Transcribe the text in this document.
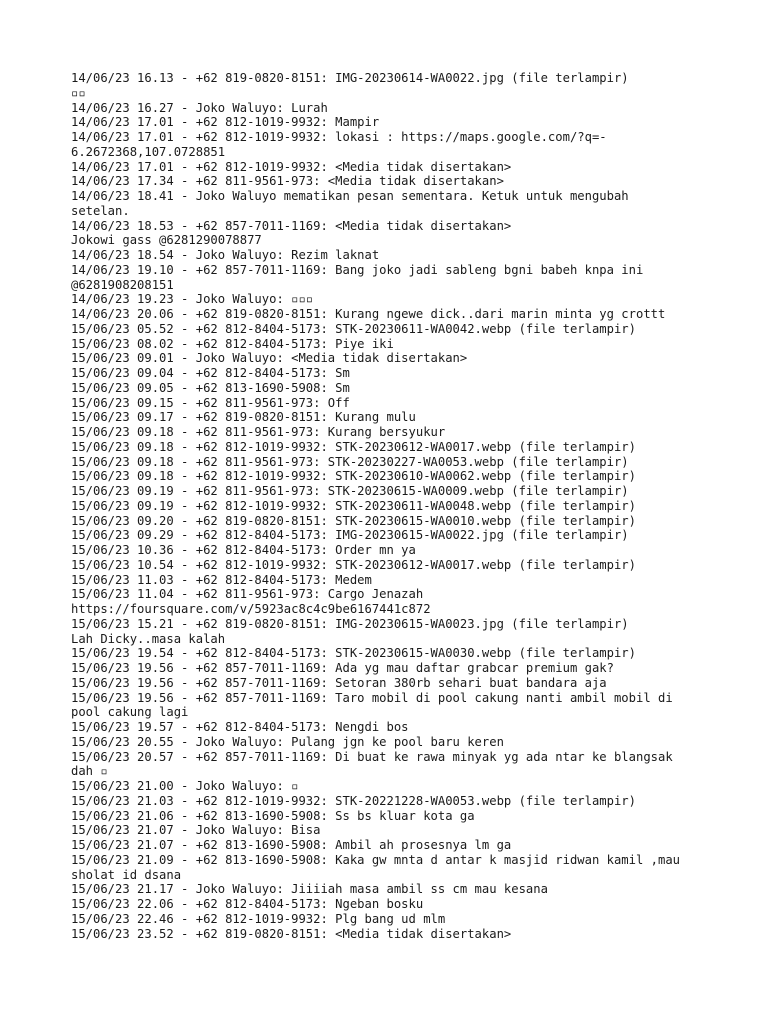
14/06/23 16.13 - +62 819-0820-8151: IMG-20230614-WA0022.jpg (file terlampir)
▫▫
14/06/23 16.27 - Joko Waluyo: Lurah
14/06/23 17.01 - +62 812-1019-9932: Mampir
14/06/23 17.01 - +62 812-1019-9932: lokasi : https://maps.google.com/?q=-
6.2672368,107.0728851
14/06/23 17.01 - +62 812-1019-9932: <Media tidak disertakan>
14/06/23 17.34 - +62 811-9561-973: <Media tidak disertakan>
14/06/23 18.41 - Joko Waluyo mematikan pesan sementara. Ketuk untuk mengubah
setelan.
14/06/23 18.53 - +62 857-7011-1169: <Media tidak disertakan>
Jokowi gass @6281290078877
14/06/23 18.54 - Joko Waluyo: Rezim laknat
14/06/23 19.10 - +62 857-7011-1169: Bang joko jadi sableng bgni babeh knpa ini
@6281908208151
14/06/23 19.23 - Joko Waluyo: ▫▫▫
14/06/23 20.06 - +62 819-0820-8151: Kurang ngewe dick..dari marin minta yg crottt
15/06/23 05.52 - +62 812-8404-5173: STK-20230611-WA0042.webp (file terlampir)
15/06/23 08.02 - +62 812-8404-5173: Piye iki
15/06/23 09.01 - Joko Waluyo: <Media tidak disertakan>
15/06/23 09.04 - +62 812-8404-5173: Sm
15/06/23 09.05 - +62 813-1690-5908: Sm
15/06/23 09.15 - +62 811-9561-973: Off
15/06/23 09.17 - +62 819-0820-8151: Kurang mulu
15/06/23 09.18 - +62 811-9561-973: Kurang bersyukur
15/06/23 09.18 - +62 812-1019-9932: STK-20230612-WA0017.webp (file terlampir)
15/06/23 09.18 - +62 811-9561-973: STK-20230227-WA0053.webp (file terlampir)
15/06/23 09.18 - +62 812-1019-9932: STK-20230610-WA0062.webp (file terlampir)
15/06/23 09.19 - +62 811-9561-973: STK-20230615-WA0009.webp (file terlampir)
15/06/23 09.19 - +62 812-1019-9932: STK-20230611-WA0048.webp (file terlampir)
15/06/23 09.20 - +62 819-0820-8151: STK-20230615-WA0010.webp (file terlampir)
15/06/23 09.29 - +62 812-8404-5173: IMG-20230615-WA0022.jpg (file terlampir)
15/06/23 10.36 - +62 812-8404-5173: Order mn ya
15/06/23 10.54 - +62 812-1019-9932: STK-20230612-WA0017.webp (file terlampir)
15/06/23 11.03 - +62 812-8404-5173: Medem
15/06/23 11.04 - +62 811-9561-973: Cargo Jenazah
https://foursquare.com/v/5923ac8c4c9be6167441c872
15/06/23 15.21 - +62 819-0820-8151: IMG-20230615-WA0023.jpg (file terlampir)
Lah Dicky..masa kalah
15/06/23 19.54 - +62 812-8404-5173: STK-20230615-WA0030.webp (file terlampir)
15/06/23 19.56 - +62 857-7011-1169: Ada yg mau daftar grabcar premium gak?
15/06/23 19.56 - +62 857-7011-1169: Setoran 380rb sehari buat bandara aja
15/06/23 19.56 - +62 857-7011-1169: Taro mobil di pool cakung nanti ambil mobil di
pool cakung lagi
15/06/23 19.57 - +62 812-8404-5173: Nengdi bos
15/06/23 20.55 - Joko Waluyo: Pulang jgn ke pool baru keren
15/06/23 20.57 - +62 857-7011-1169: Di buat ke rawa minyak yg ada ntar ke blangsak
dah ▫
15/06/23 21.00 - Joko Waluyo: ▫
15/06/23 21.03 - +62 812-1019-9932: STK-20221228-WA0053.webp (file terlampir)
15/06/23 21.06 - +62 813-1690-5908: Ss bs kluar kota ga
15/06/23 21.07 - Joko Waluyo: Bisa
15/06/23 21.07 - +62 813-1690-5908: Ambil ah prosesnya lm ga
15/06/23 21.09 - +62 813-1690-5908: Kaka gw mnta d antar k masjid ridwan kamil ,mau
sholat id dsana
15/06/23 21.17 - Joko Waluyo: Jiiiiah masa ambil ss cm mau kesana
15/06/23 22.06 - +62 812-8404-5173: Ngeban bosku
15/06/23 22.46 - +62 812-1019-9932: Plg bang ud mlm
15/06/23 23.52 - +62 819-0820-8151: <Media tidak disertakan>
